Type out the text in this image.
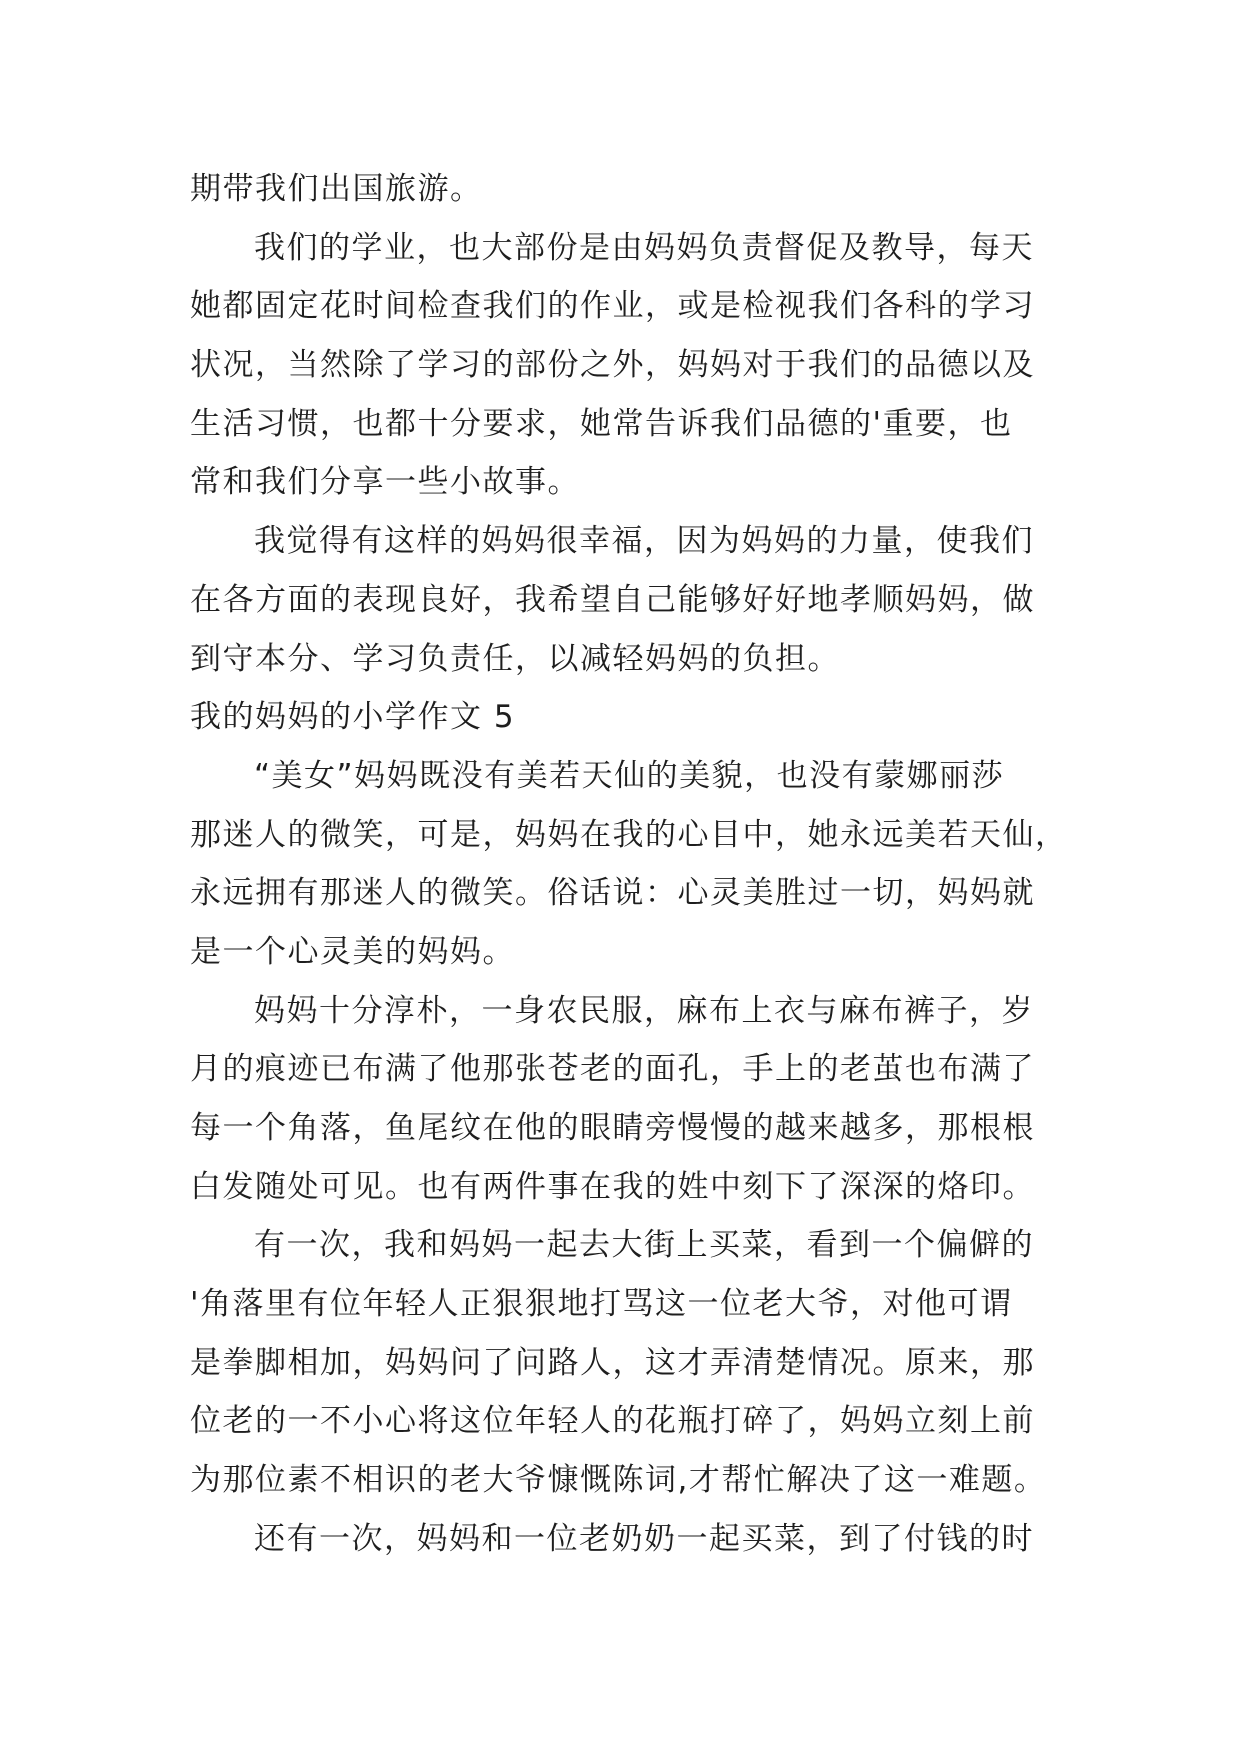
期带我们出国旅游。
我们的学业，也大部份是由妈妈负责督促及教导，每天
她都固定花时间检查我们的作业，或是检视我们各科的学习
状况，当然除了学习的部份之外，妈妈对于我们的品德以及
生活习惯，也都十分要求，她常告诉我们品德的'重要，也
常和我们分享一些小故事。
我觉得有这样的妈妈很幸福，因为妈妈的力量，使我们
在各方面的表现良好，我希望自己能够好好地孝顺妈妈，做
到守本分、学习负责任，以减轻妈妈的负担。
我的妈妈的小学作文 5
“美女”妈妈既没有美若天仙的美貌，也没有蒙娜丽莎
那迷人的微笑，可是，妈妈在我的心目中，她永远美若天仙，
永远拥有那迷人的微笑。俗话说：心灵美胜过一切，妈妈就
是一个心灵美的妈妈。
妈妈十分淳朴，一身农民服，麻布上衣与麻布裤子，岁
月的痕迹已布满了他那张苍老的面孔，手上的老茧也布满了
每一个角落，鱼尾纹在他的眼睛旁慢慢的越来越多，那根根
白发随处可见。也有两件事在我的姓中刻下了深深的烙印。
有一次，我和妈妈一起去大街上买菜，看到一个偏僻的
'角落里有位年轻人正狠狠地打骂这一位老大爷，对他可谓
是拳脚相加，妈妈问了问路人，这才弄清楚情况。原来，那
位老的一不小心将这位年轻人的花瓶打碎了，妈妈立刻上前
为那位素不相识的老大爷慷慨陈词,才帮忙解决了这一难题。
还有一次，妈妈和一位老奶奶一起买菜，到了付钱的时
